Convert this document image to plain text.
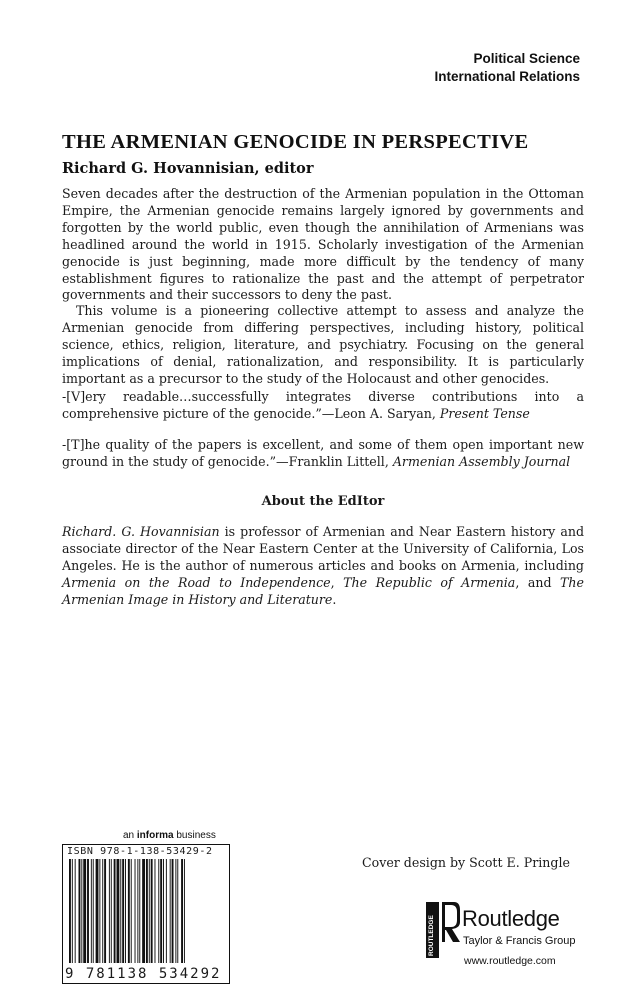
Political Science
International Relations
THE ARMENIAN GENOCIDE IN PERSPECTIVE
Richard G. Hovannisian, editor

Seven decades after the destruction of the Armenian population in the Ottoman Empire, the Armenian genocide remains largely ignored by governments and forgotten by the world public, even though the annihilation of Armenians was headlined around the world in 1915. Scholarly investigation of the Armenian genocide is just beginning, made more difficult by the tendency of many establishment figures to rationalize the past and the attempt of perpetrator governments and their successors to deny the past.

This volume is a pioneering collective attempt to assess and analyze the Armenian genocide from differing perspectives, including history, political science, ethics, religion, literature, and psychiatry. Focusing on the general implications of denial, rationalization, and responsibility. It is particularly important as a precursor to the study of the Holocaust and other genocides.

-[V]ery readable…successfully integrates diverse contributions into a comprehensive picture of the genocide.”—Leon A. Saryan, Present Tense

-[T]he quality of the papers is excellent, and some of them open important new ground in the study of genocide.”—Franklin Littell, Armenian Assembly Journal

About the EdItor

Richard. G. Hovannisian is professor of Armenian and Near Eastern history and associate director of the Near Eastern Center at the University of California, Los Angeles. He is the author of numerous articles and books on Armenia, including Armenia on the Road to Independence, The Republic of Armenia, and The Armenian Image in History and Literature.

an informa business
ISBN 978-1-138-53429-2
9 781138 534292
Cover design by Scott E. Pringle
ROUTLEDGE Routledge
Taylor & Francis Group
www.routledge.com
